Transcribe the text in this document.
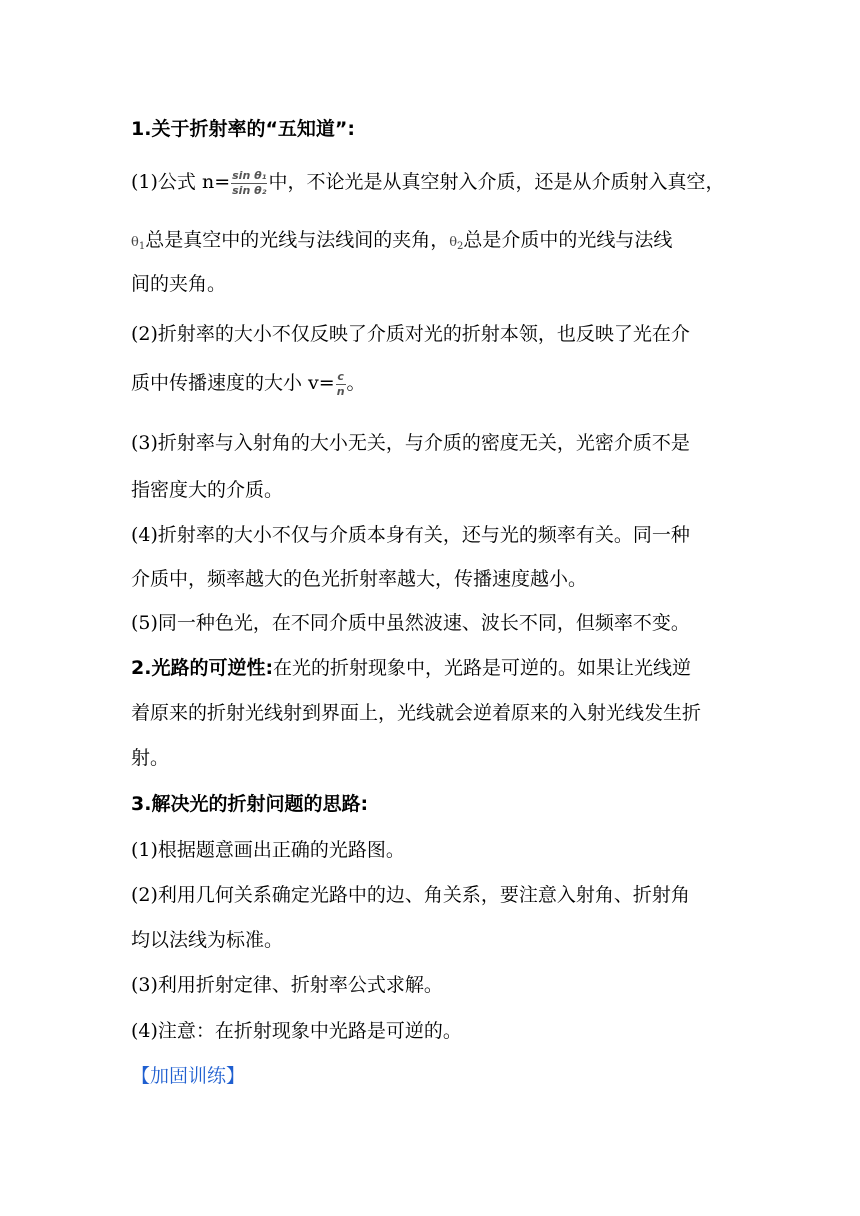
1.关于折射率的“五知道”:
(1)公式 $n= \frac{\text{sin θ₁}}{\text{sin θ₂}}$ 中，不论光是从真空射入介质，还是从介质射入真空，
$\theta_1$总是真空中的光线与法线间的夹角，$\theta_2$总是介质中的光线与法线
间的夹角。
(2)折射率的大小不仅反映了介质对光的折射本领，也反映了光在介
质中传播速度的大小 $v= \frac{c}{n}$ 。
(3)折射率与入射角的大小无关，与介质的密度无关，光密介质不是
指密度大的介质。
(4)折射率的大小不仅与介质本身有关，还与光的频率有关。同一种
介质中，频率越大的色光折射率越大，传播速度越小。
(5)同一种色光，在不同介质中虽然波速、波长不同，但频率不变。
2.光路的可逆性:在光的折射现象中，光路是可逆的。如果让光线逆
着原来的折射光线射到界面上，光线就会逆着原来的入射光线发生折
射。
3.解决光的折射问题的思路:
(1)根据题意画出正确的光路图。
(2)利用几何关系确定光路中的边、角关系，要注意入射角、折射角
均以法线为标准。
(3)利用折射定律、折射率公式求解。
(4)注意：在折射现象中光路是可逆的。
【加固训练】
